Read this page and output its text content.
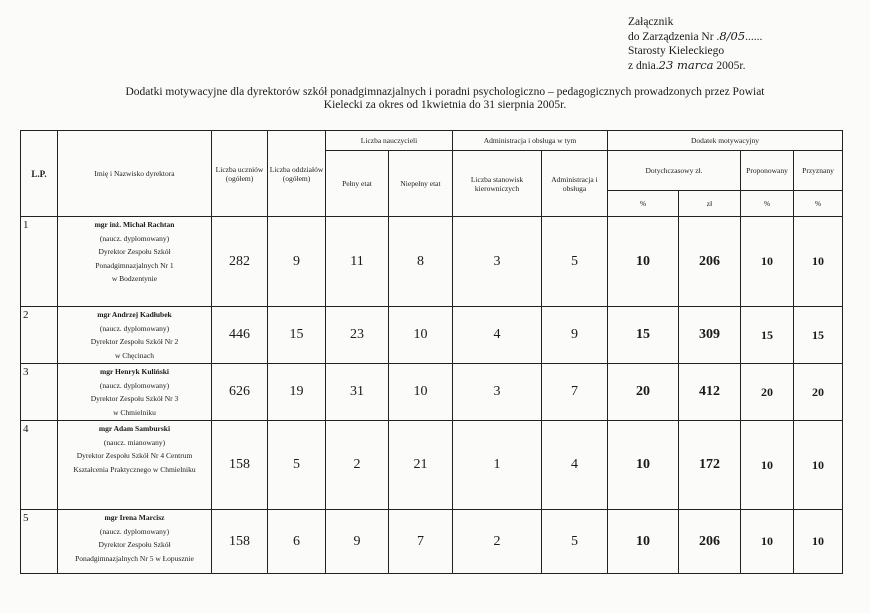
Załącznik
do Zarządzenia Nr .8/05......
Starosty Kieleckiego
z dnia.23 marca 2005r.
Dodatki motywacyjne dla dyrektorów szkół ponadgimnazjalnych i poradni psychologiczno – pedagogicznych prowadzonych przez Powiat
Kielecki za okres od 1kwietnia do 31 sierpnia 2005r.
L.P.	Imię i Nazwisko dyrektora	Liczba uczniów (ogółem)	Liczba oddziałów (ogółem)	Liczba nauczycieli		Administracja i obsługa w tym		Dodatek motywacyjny			
				Pełny etat	Niepełny etat	Liczba stanowisk kierowniczych	Administracja i obsługa	Dotychczasowy zł.		Proponowany	Przyznany
								%	zł	%	%
1	mgr inż. Michał Rachtan
(naucz. dyplomowany)
Dyrektor Zespołu Szkół
Ponadgimnazjalnych Nr 1
w Bodzentynie	282	9	11	8	3	5	10	206	10	10
2	mgr Andrzej Kadłubek
(naucz. dyplomowany)
Dyrektor Zespołu Szkół Nr 2
w Chęcinach	446	15	23	10	4	9	15	309	15	15
3	mgr Henryk Kuliński
(naucz. dyplomowany)
Dyrektor Zespołu Szkół Nr 3
w Chmielniku	626	19	31	10	3	7	20	412	20	20
4	mgr Adam Samburski
(naucz. mianowany)
Dyrektor Zespołu Szkół Nr 4 Centrum
Kształcenia Praktycznego w Chmielniku	158	5	2	21	1	4	10	172	10	10
5	mgr Irena Marcisz
(naucz. dyplomowany)
Dyrektor Zespołu Szkół
Ponadgimnazjalnych Nr 5 w Łopusznie	158	6	9	7	2	5	10	206	10	10
